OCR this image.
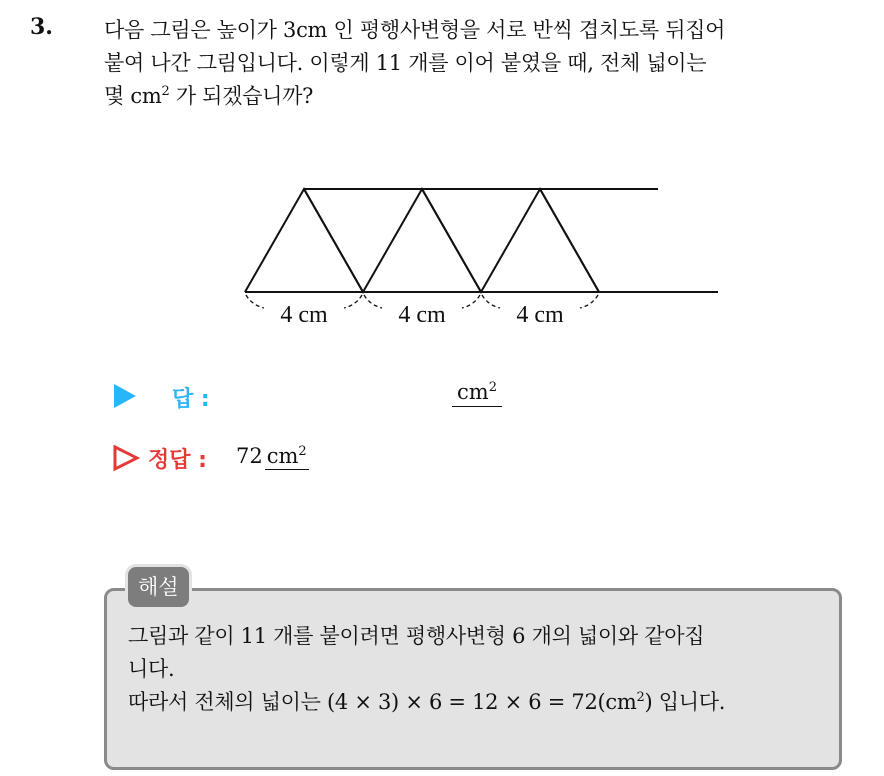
3. 다음 그림은 높이가 3cm 인 평행사변형을 서로 반씩 겹치도록 뒤집어
붙여 나간 그림입니다. 이렇게 11 개를 이어 붙였을 때, 전체 넓이는
몇 $cm^2$ 가 되겠습니까?
4 cm	4 cm	4 cm
답 :	$cm^2$
정답 : 72 $cm^2$
해설
그림과 같이 11 개를 붙이려면 평행사변형 6 개의 넓이와 같아집
니다.
따라서 전체의 넓이는 $(4 \times 3) \times 6 = 12 \times 6 = 72(cm^2)$ 입니다.
